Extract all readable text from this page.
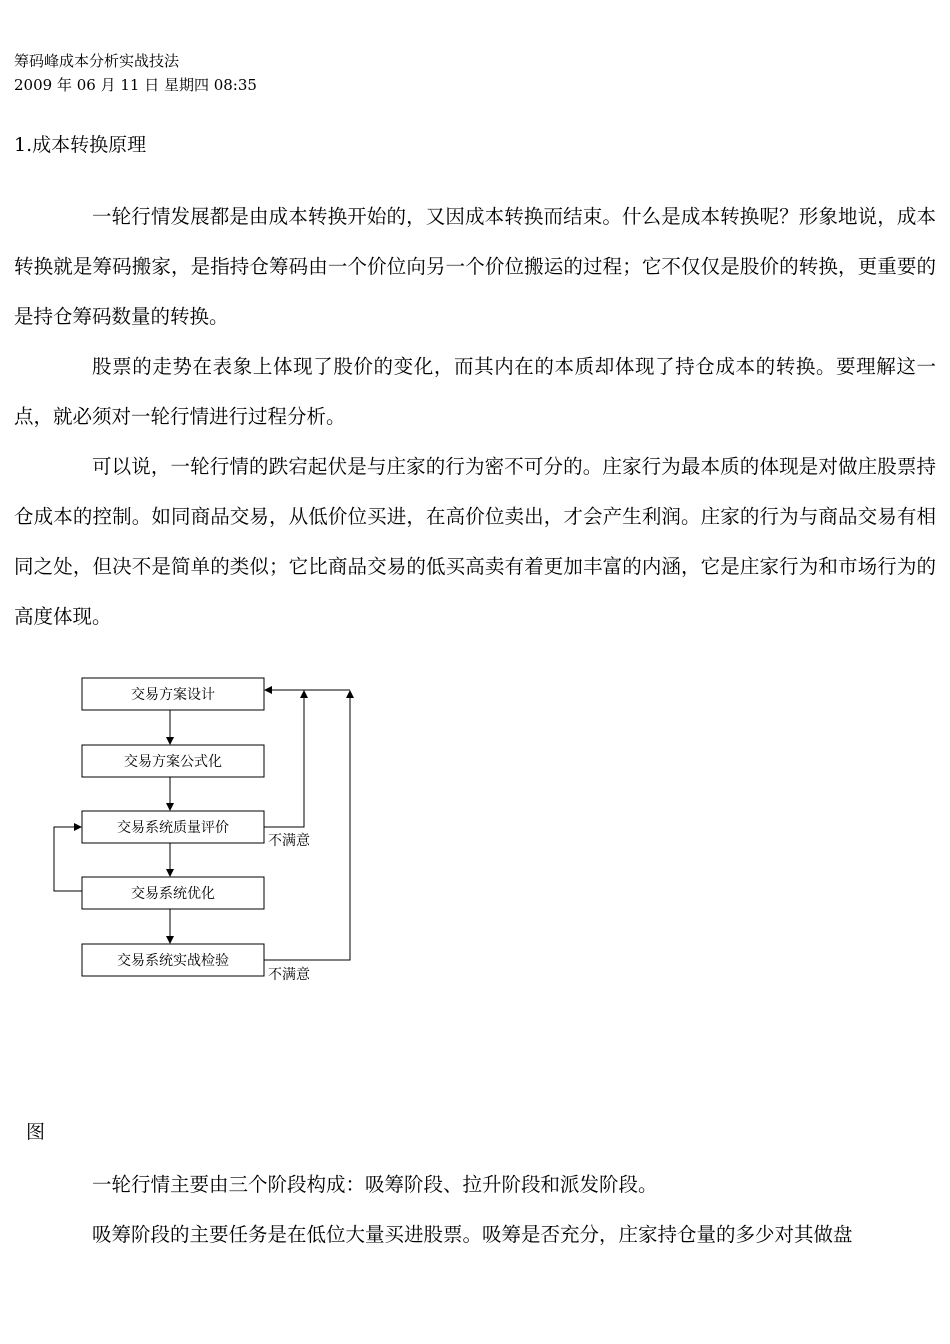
筹码峰成本分析实战技法
2009 年 06 月 11 日 星期四 08:35
1.成本转换原理

一轮行情发展都是由成本转换开始的，又因成本转换而结束。什么是成本转换呢？形象地说，成本转换就是筹码搬家，是指持仓筹码由一个价位向另一个价位搬运的过程；它不仅仅是股价的转换，更重要的是持仓筹码数量的转换。

股票的走势在表象上体现了股价的变化，而其内在的本质却体现了持仓成本的转换。要理解这一点，就必须对一轮行情进行过程分析。

可以说，一轮行情的跌宕起伏是与庄家的行为密不可分的。庄家行为最本质的体现是对做庄股票持仓成本的控制。如同商品交易，从低价位买进，在高价位卖出，才会产生利润。庄家的行为与商品交易有相同之处，但决不是简单的类似；它比商品交易的低买高卖有着更加丰富的内涵，它是庄家行为和市场行为的高度体现。

交易方案设计
交易方案公式化
交易系统质量评价
交易系统优化
交易系统实战检验
不满意
不满意
图

一轮行情主要由三个阶段构成：吸筹阶段、拉升阶段和派发阶段。

吸筹阶段的主要任务是在低位大量买进股票。吸筹是否充分，庄家持仓量的多少对其做盘
